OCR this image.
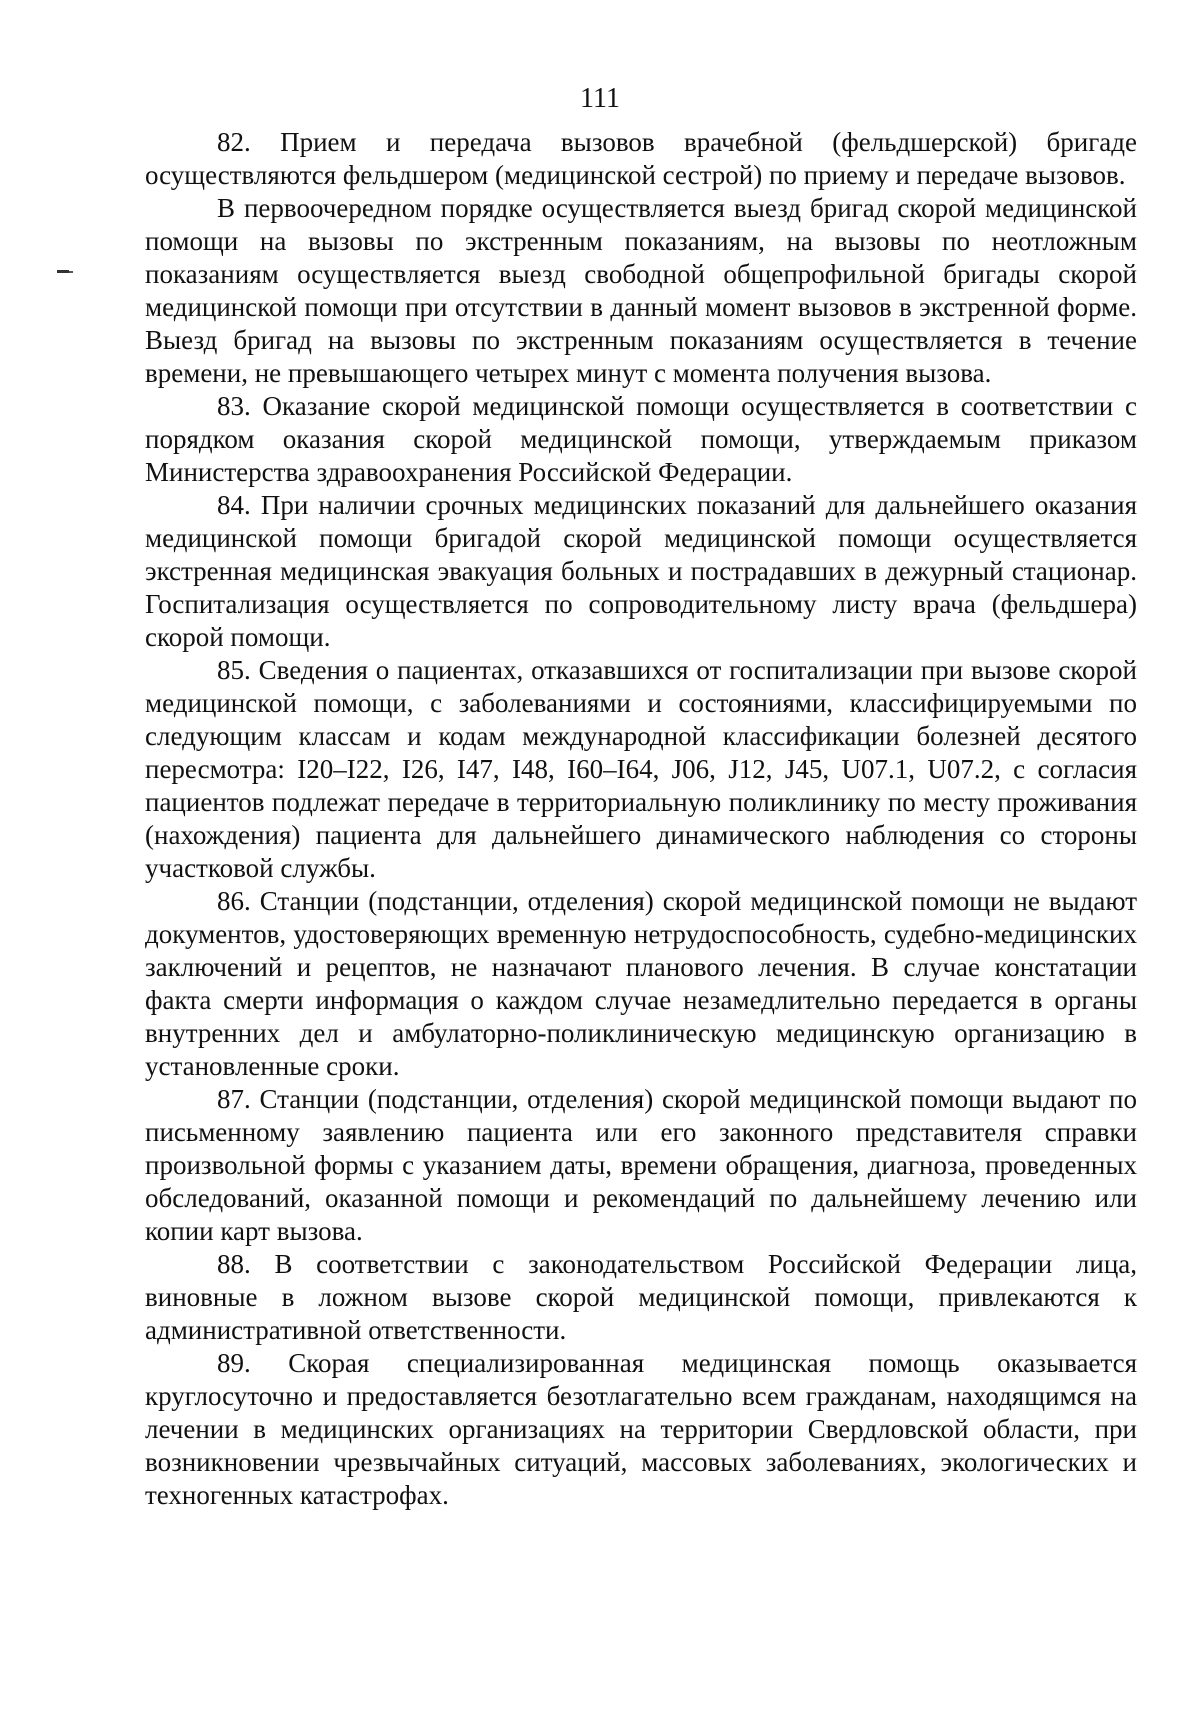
111

82. Прием и передача вызовов врачебной (фельдшерской) бригаде осуществляются фельдшером (медицинской сестрой) по приему и передаче вызовов.

В первоочередном порядке осуществляется выезд бригад скорой медицинской помощи на вызовы по экстренным показаниям, на вызовы по неотложным показаниям осуществляется выезд свободной общепрофильной бригады скорой медицинской помощи при отсутствии в данный момент вызовов в экстренной форме. Выезд бригад на вызовы по экстренным показаниям осуществляется в течение времени, не превышающего четырех минут с момента получения вызова.

83. Оказание скорой медицинской помощи осуществляется в соответствии с порядком оказания скорой медицинской помощи, утверждаемым приказом Министерства здравоохранения Российской Федерации.

84. При наличии срочных медицинских показаний для дальнейшего оказания медицинской помощи бригадой скорой медицинской помощи осуществляется экстренная медицинская эвакуация больных и пострадавших в дежурный стационар. Госпитализация осуществляется по сопроводительному листу врача (фельдшера) скорой помощи.

85. Сведения о пациентах, отказавшихся от госпитализации при вызове скорой медицинской помощи, с заболеваниями и состояниями, классифицируемыми по следующим классам и кодам международной классификации болезней десятого пересмотра: I20–I22, I26, I47, I48, I60–I64, J06, J12, J45, U07.1, U07.2, с согласия пациентов подлежат передаче в территориальную поликлинику по месту проживания (нахождения) пациента для дальнейшего динамического наблюдения со стороны участковой службы.

86. Станции (подстанции, отделения) скорой медицинской помощи не выдают документов, удостоверяющих временную нетрудоспособность, судебно-медицинских заключений и рецептов, не назначают планового лечения. В случае констатации факта смерти информация о каждом случае незамедлительно передается в органы внутренних дел и амбулаторно-поликлиническую медицинскую организацию в установленные сроки.

87. Станции (подстанции, отделения) скорой медицинской помощи выдают по письменному заявлению пациента или его законного представителя справки произвольной формы с указанием даты, времени обращения, диагноза, проведенных обследований, оказанной помощи и рекомендаций по дальнейшему лечению или копии карт вызова.

88. В соответствии с законодательством Российской Федерации лица, виновные в ложном вызове скорой медицинской помощи, привлекаются к административной ответственности.

89. Скорая специализированная медицинская помощь оказывается круглосуточно и предоставляется безотлагательно всем гражданам, находящимся на лечении в медицинских организациях на территории Свердловской области, при возникновении чрезвычайных ситуаций, массовых заболеваниях, экологических и техногенных катастрофах.
